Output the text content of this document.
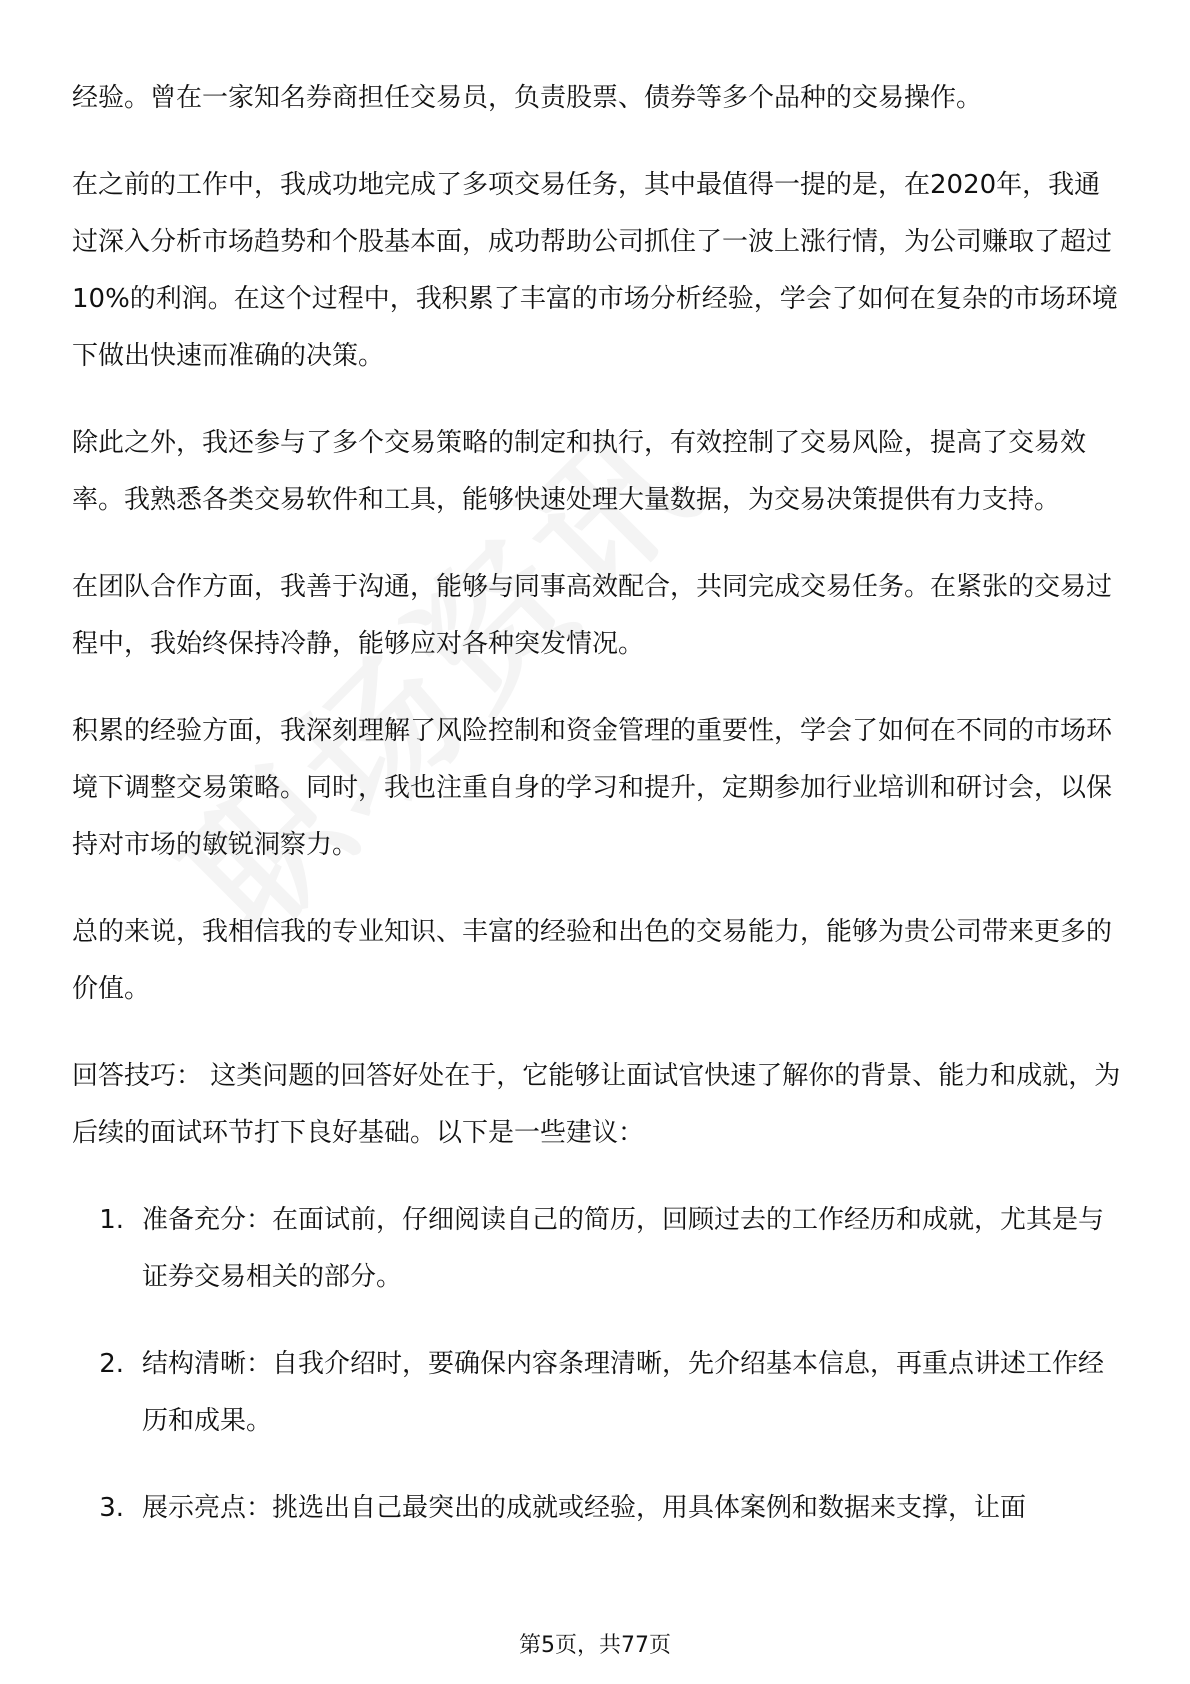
经验。曾在一家知名券商担任交易员，负责股票、债券等多个品种的交易操作。

在之前的工作中，我成功地完成了多项交易任务，其中最值得一提的是，在2020年，我通过深入分析市场趋势和个股基本面，成功帮助公司抓住了一波上涨行情，为公司赚取了超过10%的利润。在这个过程中，我积累了丰富的市场分析经验，学会了如何在复杂的市场环境下做出快速而准确的决策。

除此之外，我还参与了多个交易策略的制定和执行，有效控制了交易风险，提高了交易效率。我熟悉各类交易软件和工具，能够快速处理大量数据，为交易决策提供有力支持。

在团队合作方面，我善于沟通，能够与同事高效配合，共同完成交易任务。在紧张的交易过程中，我始终保持冷静，能够应对各种突发情况。

积累的经验方面，我深刻理解了风险控制和资金管理的重要性，学会了如何在不同的市场环境下调整交易策略。同时，我也注重自身的学习和提升，定期参加行业培训和研讨会，以保持对市场的敏锐洞察力。

总的来说，我相信我的专业知识、丰富的经验和出色的交易能力，能够为贵公司带来更多的价值。

回答技巧： 这类问题的回答好处在于，它能够让面试官快速了解你的背景、能力和成就，为后续的面试环节打下良好基础。以下是一些建议：

1. 准备充分：在面试前，仔细阅读自己的简历，回顾过去的工作经历和成就，尤其是与证券交易相关的部分。
2. 结构清晰：自我介绍时，要确保内容条理清晰，先介绍基本信息，再重点讲述工作经历和成果。
3. 展示亮点：挑选出自己最突出的成就或经验，用具体案例和数据来支撑，让面
第5页，共77页
